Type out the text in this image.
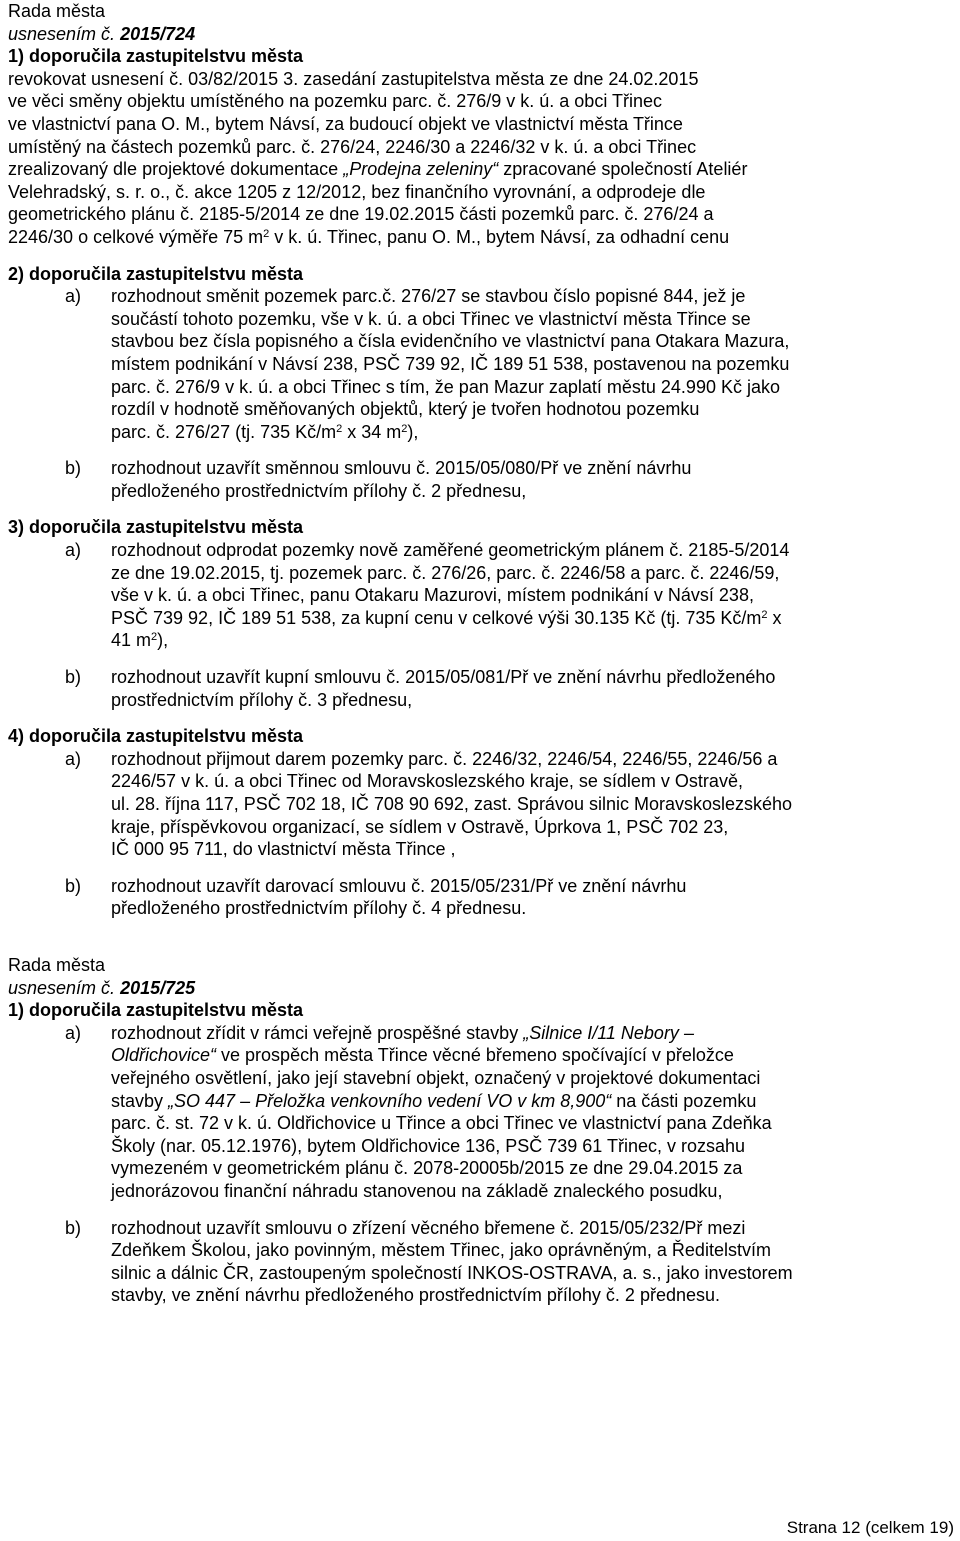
Rada města
usnesením č. 2015/724
1) doporučila zastupitelstvu města
revokovat usnesení č. 03/82/2015 3. zasedání zastupitelstva města ze dne 24.02.2015
ve věci směny objektu umístěného na pozemku parc. č. 276/9 v k. ú. a obci Třinec
ve vlastnictví pana O. M., bytem Návsí, za budoucí objekt ve vlastnictví města Třince
umístěný na částech pozemků parc. č. 276/24, 2246/30 a 2246/32 v k. ú. a obci Třinec
zrealizovaný dle projektové dokumentace „Prodejna zeleniny“ zpracované společností Ateliér
Velehradský, s. r. o., č. akce 1205 z 12/2012, bez finančního vyrovnání, a odprodeje dle
geometrického plánu č. 2185-5/2014 ze dne 19.02.2015 části pozemků parc. č. 276/24 a
2246/30 o celkové výměře 75 $m^2$ v k. ú. Třinec, panu O. M., bytem Návsí, za odhadní cenu
2) doporučila zastupitelstvu města
a) rozhodnout směnit pozemek parc.č. 276/27 se stavbou číslo popisné 844, jež je
součástí tohoto pozemku, vše v k. ú. a obci Třinec ve vlastnictví města Třince se
stavbou bez čísla popisného a čísla evidenčního ve vlastnictví pana Otakara Mazura,
místem podnikání v Návsí 238, PSČ 739 92, IČ 189 51 538, postavenou na pozemku
parc. č. 276/9 v k. ú. a obci Třinec s tím, že pan Mazur zaplatí městu 24.990 Kč jako
rozdíl v hodnotě směňovaných objektů, který je tvořen hodnotou pozemku
parc. č. 276/27 (tj. 735 $Kč/m^2$ x 34 $m^2$),
b) rozhodnout uzavřít směnnou smlouvu č. 2015/05/080/Př ve znění návrhu
předloženého prostřednictvím přílohy č. 2 přednesu,
3) doporučila zastupitelstvu města
a) rozhodnout odprodat pozemky nově zaměřené geometrickým plánem č. 2185-5/2014
ze dne 19.02.2015, tj. pozemek parc. č. 276/26, parc. č. 2246/58 a parc. č. 2246/59,
vše v k. ú. a obci Třinec, panu Otakaru Mazurovi, místem podnikání v Návsí 238,
PSČ 739 92, IČ 189 51 538, za kupní cenu v celkové výši 30.135 Kč (tj. 735 $Kč/m^2$ x
41 $m^2$),
b) rozhodnout uzavřít kupní smlouvu č. 2015/05/081/Př ve znění návrhu předloženého
prostřednictvím přílohy č. 3 přednesu,
4) doporučila zastupitelstvu města
a) rozhodnout přijmout darem pozemky parc. č. 2246/32, 2246/54, 2246/55, 2246/56 a
2246/57 v k. ú. a obci Třinec od Moravskoslezského kraje, se sídlem v Ostravě,
ul. 28. října 117, PSČ 702 18, IČ 708 90 692, zast. Správou silnic Moravskoslezského
kraje, příspěvkovou organizací, se sídlem v Ostravě, Úprkova 1, PSČ 702 23,
IČ 000 95 711, do vlastnictví města Třince ,
b) rozhodnout uzavřít darovací smlouvu č. 2015/05/231/Př ve znění návrhu
předloženého prostřednictvím přílohy č. 4 přednesu.
Rada města
usnesením č. 2015/725
1) doporučila zastupitelstvu města
a) rozhodnout zřídit v rámci veřejně prospěšné stavby „Silnice I/11 Nebory –
Oldřichovice“ ve prospěch města Třince věcné břemeno spočívající v přeložce
veřejného osvětlení, jako její stavební objekt, označený v projektové dokumentaci
stavby „SO 447 – Přeložka venkovního vedení VO v km 8,900“ na části pozemku
parc. č. st. 72 v k. ú. Oldřichovice u Třince a obci Třinec ve vlastnictví pana Zdeňka
Školy (nar. 05.12.1976), bytem Oldřichovice 136, PSČ 739 61 Třinec, v rozsahu
vymezeném v geometrickém plánu č. 2078-20005b/2015 ze dne 29.04.2015 za
jednorázovou finanční náhradu stanovenou na základě znaleckého posudku,
b) rozhodnout uzavřít smlouvu o zřízení věcného břemene č. 2015/05/232/Př mezi
Zdeňkem Školou, jako povinným, městem Třinec, jako oprávněným, a Ředitelstvím
silnic a dálnic ČR, zastoupeným společností INKOS-OSTRAVA, a. s., jako investorem
stavby, ve znění návrhu předloženého prostřednictvím přílohy č. 2 přednesu.
Strana 12 (celkem 19)
